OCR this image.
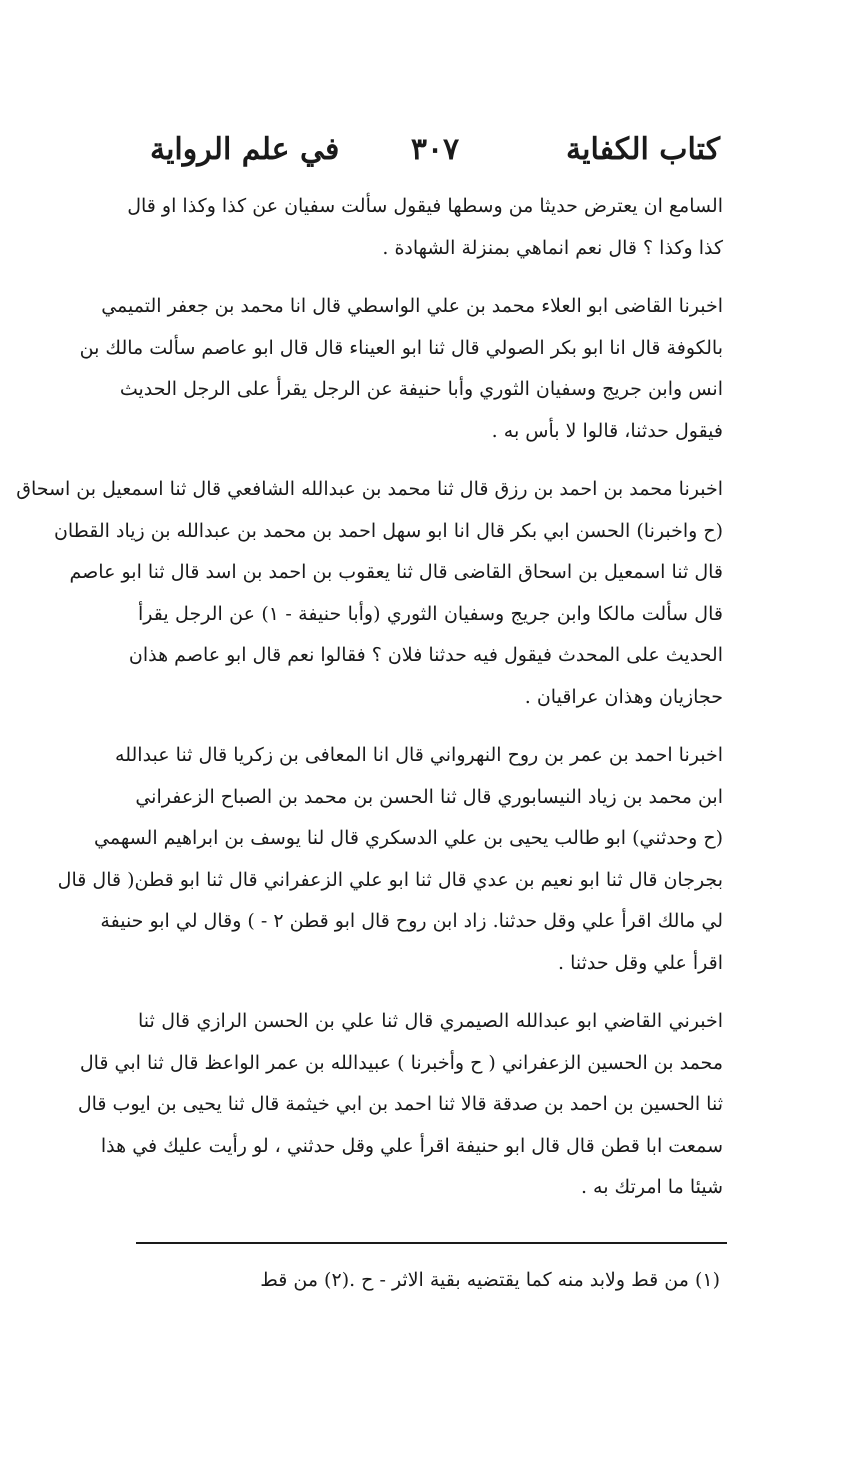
كتاب الكفاية
٣٠٧
في علم الرواية
السامع ان يعترض حديثا من وسطها فيقول سألت سفيان عن كذا وكذا او قال
كذا وكذا ؟ قال نعم انماهي بمنزلة الشهادة .
اخبرنا القاضى ابو العلاء محمد بن علي الواسطي قال انا محمد بن جعفر التميمي
بالكوفة قال انا ابو بكر الصولي قال ثنا ابو العيناء قال قال ابو عاصم سألت مالك بن
انس وابن جريج وسفيان الثوري وأبا حنيفة عن الرجل يقرأ على الرجل الحديث
فيقول حدثنا، قالوا لا بأس به .
اخبرنا محمد بن احمد بن رزق قال ثنا محمد بن عبدالله الشافعي قال ثنا اسمعيل بن اسحاق
(ح واخبرنا) الحسن ابي بكر قال انا ابو سهل احمد بن محمد بن عبدالله بن زياد القطان
قال ثنا اسمعيل بن اسحاق القاضى قال ثنا يعقوب بن احمد بن اسد قال ثنا ابو عاصم
قال سألت مالكا وابن جريج وسفيان الثوري (وأبا حنيفة - ١) عن الرجل يقرأ
الحديث على المحدث فيقول فيه حدثنا فلان ؟ فقالوا نعم قال ابو عاصم هذان
حجازيان وهذان عراقيان .
اخبرنا احمد بن عمر بن روح النهرواني قال انا المعافى بن زكريا قال ثنا عبدالله
ابن محمد بن زياد النيسابوري قال ثنا الحسن بن محمد بن الصباح الزعفراني
(ح وحدثني) ابو طالب يحيى بن علي الدسكري قال لنا يوسف بن ابراهيم السهمي
بجرجان قال ثنا ابو نعيم بن عدي قال ثنا ابو علي الزعفراني قال ثنا ابو قطن( قال قال
لي مالك اقرأ علي وقل حدثنا. زاد ابن روح قال ابو قطن ٢ - ) وقال لي ابو حنيفة
اقرأ علي وقل حدثنا .
اخبرني القاضي ابو عبدالله الصيمري قال ثنا علي بن الحسن الرازي قال ثنا
محمد بن الحسين الزعفراني ( ح وأخبرنا ) عبيدالله بن عمر الواعظ قال ثنا ابي قال
ثنا الحسين بن احمد بن صدقة قالا ثنا احمد بن ابي خيثمة قال ثنا يحيى بن ايوب قال
سمعت ابا قطن قال قال ابو حنيفة اقرأ علي وقل حدثني ، لو رأيت عليك في هذا
شيئا ما امرتك به .
(١) من قط ولابد منه كما يقتضيه بقية الاثر - ح .(٢) من قط
